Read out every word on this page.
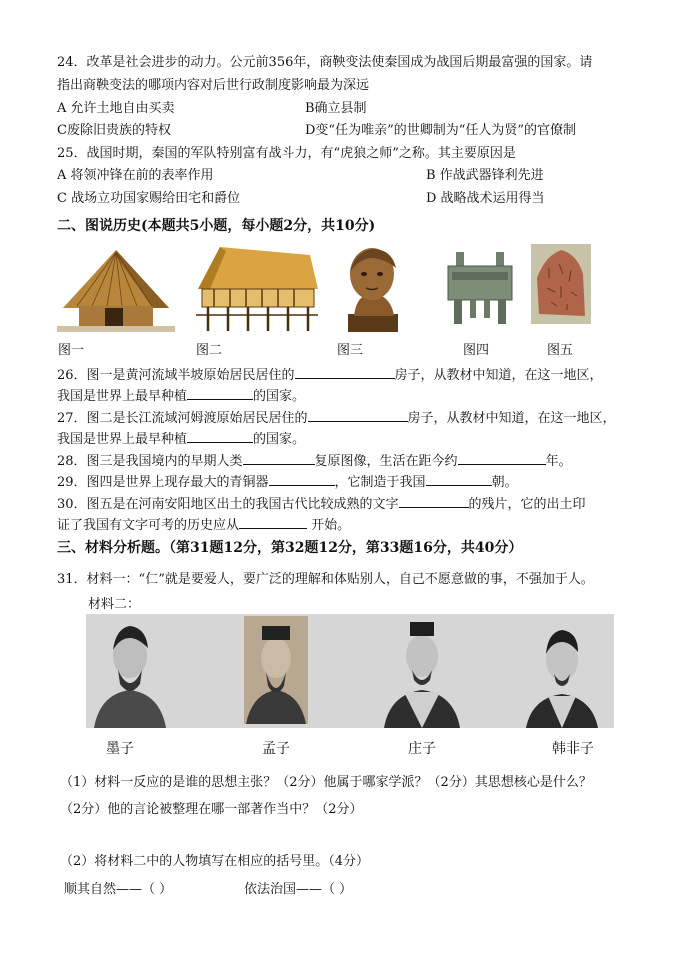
24．改革是社会进步的动力。公元前356年，商鞅变法使秦国成为战国后期最富强的国家。请
指出商鞅变法的哪项内容对后世行政制度影响最为深远
A 允许土地自由买卖	B确立县制
C废除旧贵族的特权	D变“任为唯亲”的世卿制为“任人为贤”的官僚制
25．战国时期，秦国的军队特别富有战斗力，有“虎狼之师”之称。其主要原因是
A 将领冲锋在前的表率作用	B 作战武器锋利先进
C 战场立功国家赐给田宅和爵位	D 战略战术运用得当
二、图说历史(本题共5小题，每小题2分，共10分)
图一	图二	图三	图四	图五
26．图一是黄河流域半坡原始居民居住的	房子，从教材中知道，在这一地区，
我国是世界上最早种植	的国家。
27．图二是长江流域河姆渡原始居民居住的	房子，从教材中知道，在这一地区，
我国是世界上最早种植	的国家。
28．图三是我国境内的早期人类	复原图像，生活在距今约	年。
29．图四是世界上现存最大的青铜器	，它制造于我国	朝。
30．图五是在河南安阳地区出土的我国古代比较成熟的文字	的残片，它的出土印
证了我国有文字可考的历史应从	开始。
三、材料分析题。（第31题12分，第32题12分，第33题16分，共40分）
31．材料一：“仁”就是要爱人，要广泛的理解和体贴别人，自己不愿意做的事，不强加于人。
材料二：
墨子	孟子	庄子	韩非子
（1）材料一反应的是谁的思想主张？（2分）他属于哪家学派？（2分）其思想核心是什么？
（2分）他的言论被整理在哪一部著作当中？（2分）
（2）将材料二中的人物填写在相应的括号里。（4分）
顺其自然——（ ）	依法治国——（ ）
